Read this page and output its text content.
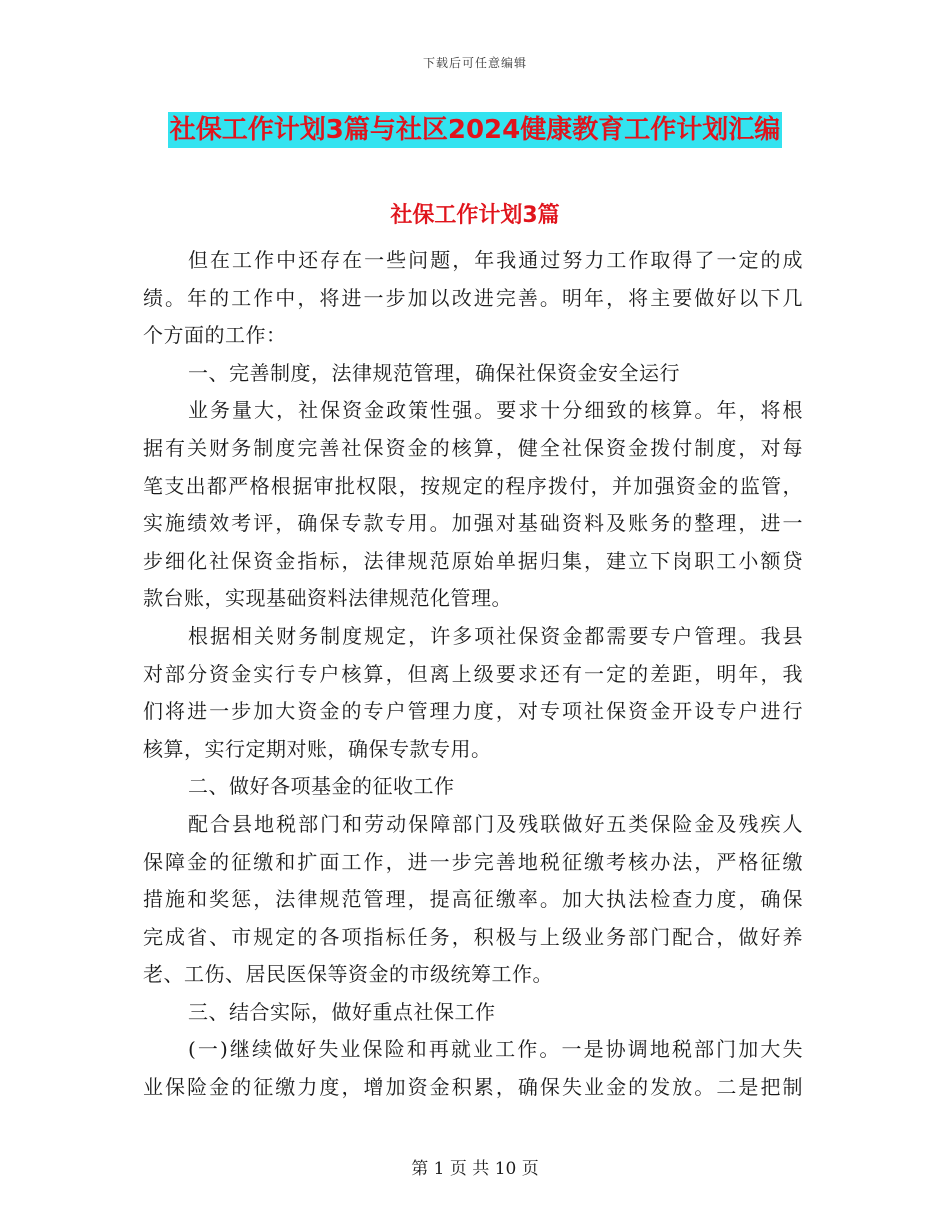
下载后可任意编辑
社保工作计划3篇与社区2024健康教育工作计划汇编
社保工作计划3篇
但在工作中还存在一些问题，年我通过努力工作取得了一定的成
绩。年的工作中，将进一步加以改进完善。明年，将主要做好以下几
个方面的工作：
一、完善制度，法律规范管理，确保社保资金安全运行
业务量大，社保资金政策性强。要求十分细致的核算。年，将根
据有关财务制度完善社保资金的核算，健全社保资金拨付制度，对每
笔支出都严格根据审批权限，按规定的程序拨付，并加强资金的监管，
实施绩效考评，确保专款专用。加强对基础资料及账务的整理，进一
步细化社保资金指标，法律规范原始单据归集，建立下岗职工小额贷
款台账，实现基础资料法律规范化管理。
根据相关财务制度规定，许多项社保资金都需要专户管理。我县
对部分资金实行专户核算，但离上级要求还有一定的差距，明年，我
们将进一步加大资金的专户管理力度，对专项社保资金开设专户进行
核算，实行定期对账，确保专款专用。
二、做好各项基金的征收工作
配合县地税部门和劳动保障部门及残联做好五类保险金及残疾人
保障金的征缴和扩面工作，进一步完善地税征缴考核办法，严格征缴
措施和奖惩，法律规范管理，提高征缴率。加大执法检查力度，确保
完成省、市规定的各项指标任务，积极与上级业务部门配合，做好养
老、工伤、居民医保等资金的市级统筹工作。
三、结合实际，做好重点社保工作
(一)继续做好失业保险和再就业工作。一是协调地税部门加大失
业保险金的征缴力度，增加资金积累，确保失业金的发放。二是把制
第 1 页 共 10 页
